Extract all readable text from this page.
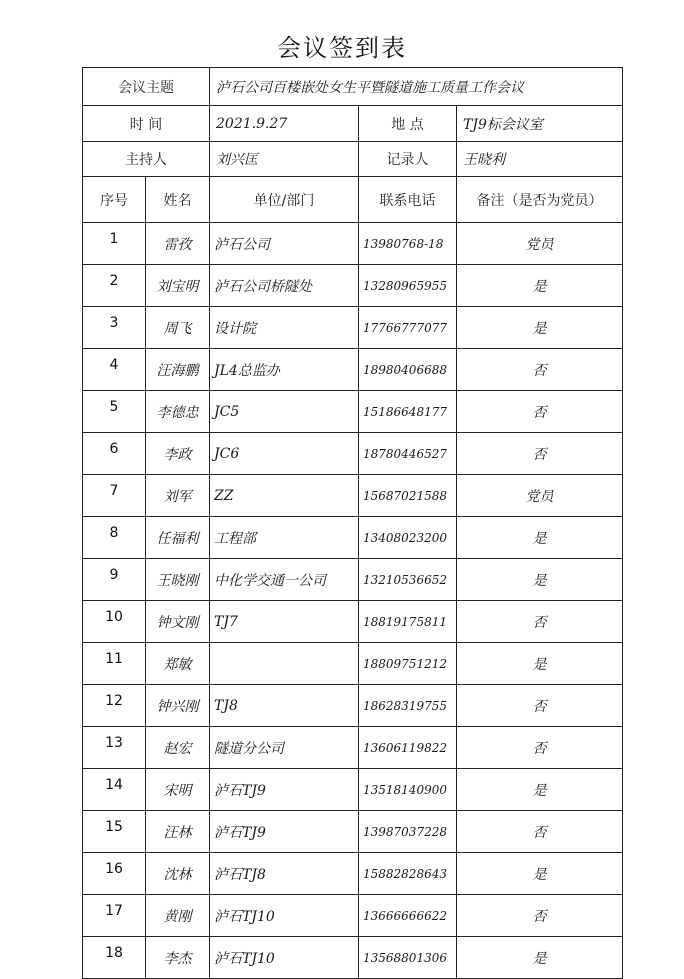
会议签到表
会议主题		泸石公司百楼嵌处女生平暨隧道施工质量工作会议		
时 间		2021.9.27	地 点	TJ9标会议室
主持人		刘兴匡	记录人	王晓利
序号	姓名	单位/部门	联系电话	备注（是否为党员）
1	雷孜	泸石公司	13980768-18	党员
2	刘宝明	泸石公司桥隧处	13280965955	是
3	周飞	设计院	17766777077	是
4	汪海鹏	JL4总监办	18980406688	否
5	李德忠	JC5	15186648177	否
6	李政	JC6	18780446527	否
7	刘军	ZZ	15687021588	党员
8	任福利	工程部	13408023200	是
9	王晓刚	中化学交通一公司	13210536652	是
10	钟文刚	TJ7	18819175811	否
11	郑敏		18809751212	是
12	钟兴刚	TJ8	18628319755	否
13	赵宏	隧道分公司	13606119822	否
14	宋明	泸石TJ9	13518140900	是
15	汪林	泸石TJ9	13987037228	否
16	沈林	泸石TJ8	15882828643	是
17	黄刚	泸石TJ10	13666666622	否
18	李杰	泸石TJ10	13568801306	是
